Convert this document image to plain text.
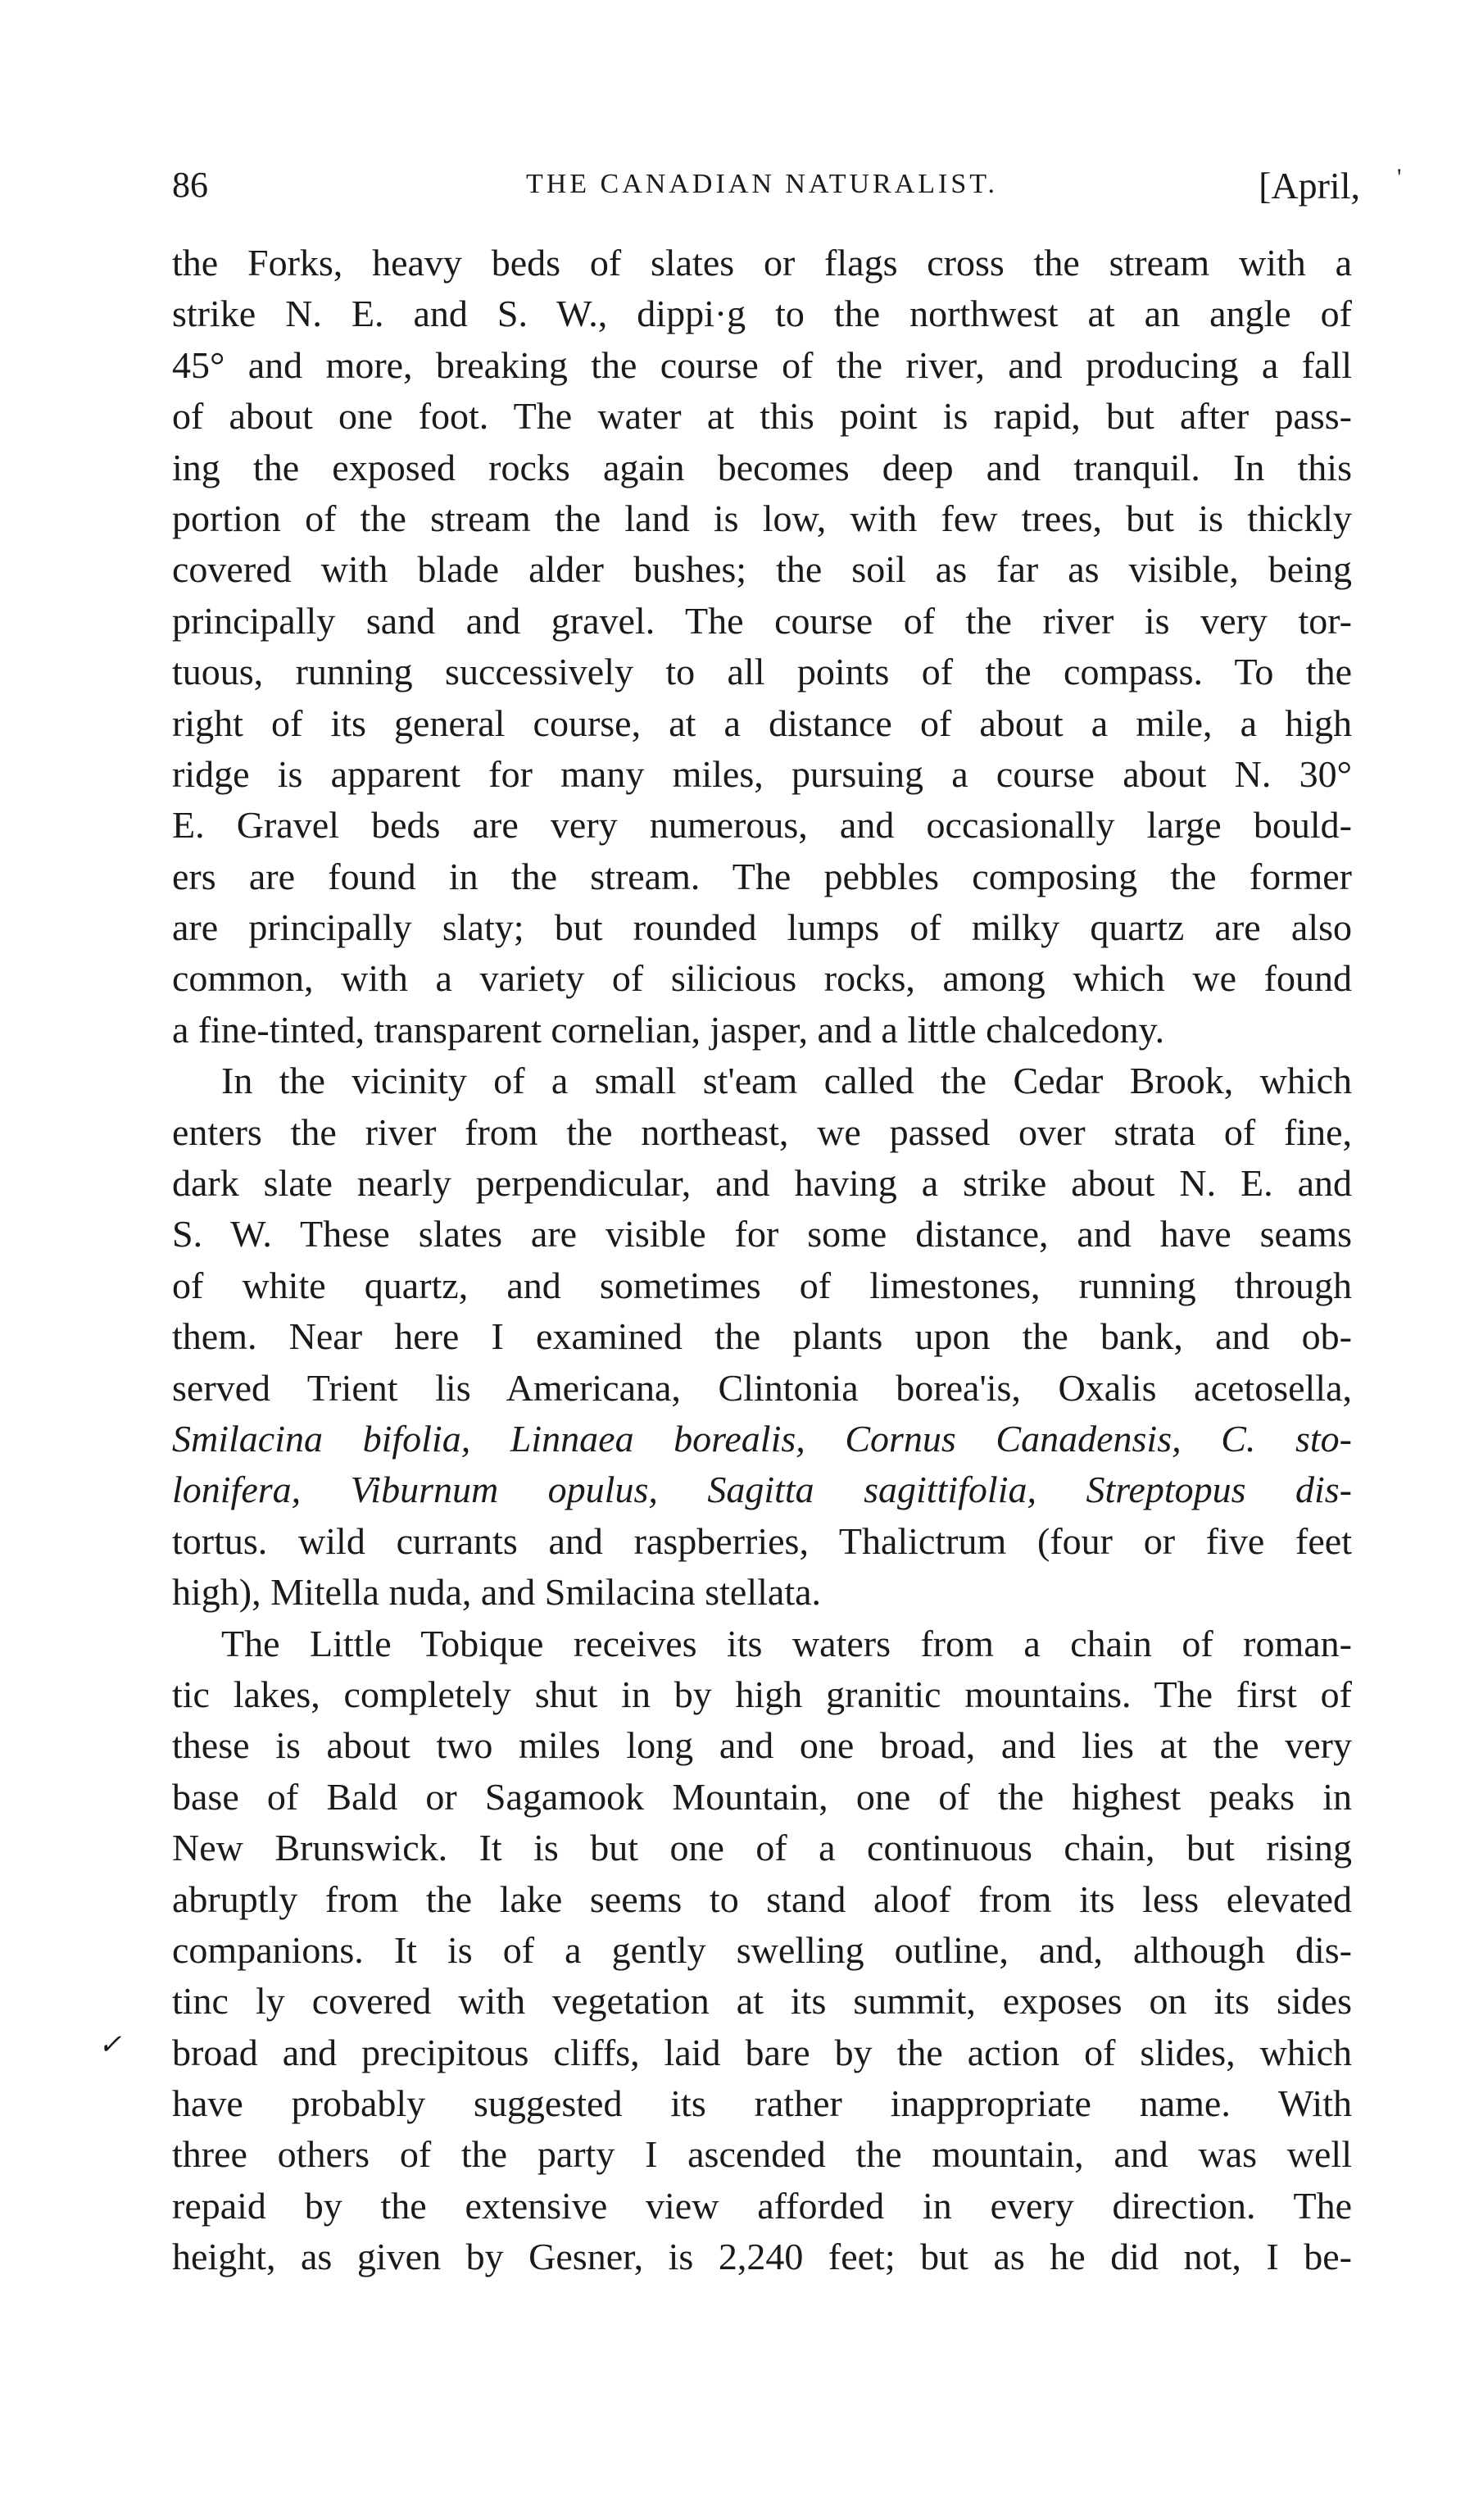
86	THE CANADIAN NATURALIST.	[April,
the Forks, heavy beds of slates or flags cross the stream with a
strike N. E. and S. W., dippi·g to the northwest at an angle of
45° and more, breaking the course of the river, and producing a fall
of about one foot. The water at this point is rapid, but after pass-
ing the exposed rocks again becomes deep and tranquil. In this
portion of the stream the land is low, with few trees, but is thickly
covered with blade alder bushes; the soil as far as visible, being
principally sand and gravel. The course of the river is very tor-
tuous, running successively to all points of the compass. To the
right of its general course, at a distance of about a mile, a high
ridge is apparent for many miles, pursuing a course about N. 30°
E. Gravel beds are very numerous, and occasionally large bould-
ers are found in the stream. The pebbles composing the former
are principally slaty; but rounded lumps of milky quartz are also
common, with a variety of silicious rocks, among which we found
a fine-tinted, transparent cornelian, jasper, and a little chalcedony.
In the vicinity of a small st'eam called the Cedar Brook, which
enters the river from the northeast, we passed over strata of fine,
dark slate nearly perpendicular, and having a strike about N. E. and
S. W. These slates are visible for some distance, and have seams
of white quartz, and sometimes of limestones, running through
them. Near here I examined the plants upon the bank, and ob-
served Trient lis Americana, Clintonia borea'is, Oxalis acetosella,
Smilacina bifolia, Linnaea borealis, Cornus Canadensis, C. sto-
lonifera, Viburnum opulus, Sagitta sagittifolia, Streptopus dis-
tortus. wild currants and raspberries, Thalictrum (four or five feet
high), Mitella nuda, and Smilacina stellata.
The Little Tobique receives its waters from a chain of roman-
tic lakes, completely shut in by high granitic mountains. The first of
these is about two miles long and one broad, and lies at the very
base of Bald or Sagamook Mountain, one of the highest peaks in
New Brunswick. It is but one of a continuous chain, but rising
abruptly from the lake seems to stand aloof from its less elevated
companions. It is of a gently swelling outline, and, although dis-
tinc ly covered with vegetation at its summit, exposes on its sides
broad and precipitous cliffs, laid bare by the action of slides, which
have probably suggested its rather inappropriate name. With
three others of the party I ascended the mountain, and was well
repaid by the extensive view afforded in every direction. The
height, as given by Gesner, is 2,240 feet; but as he did not, I be-
'
✓
